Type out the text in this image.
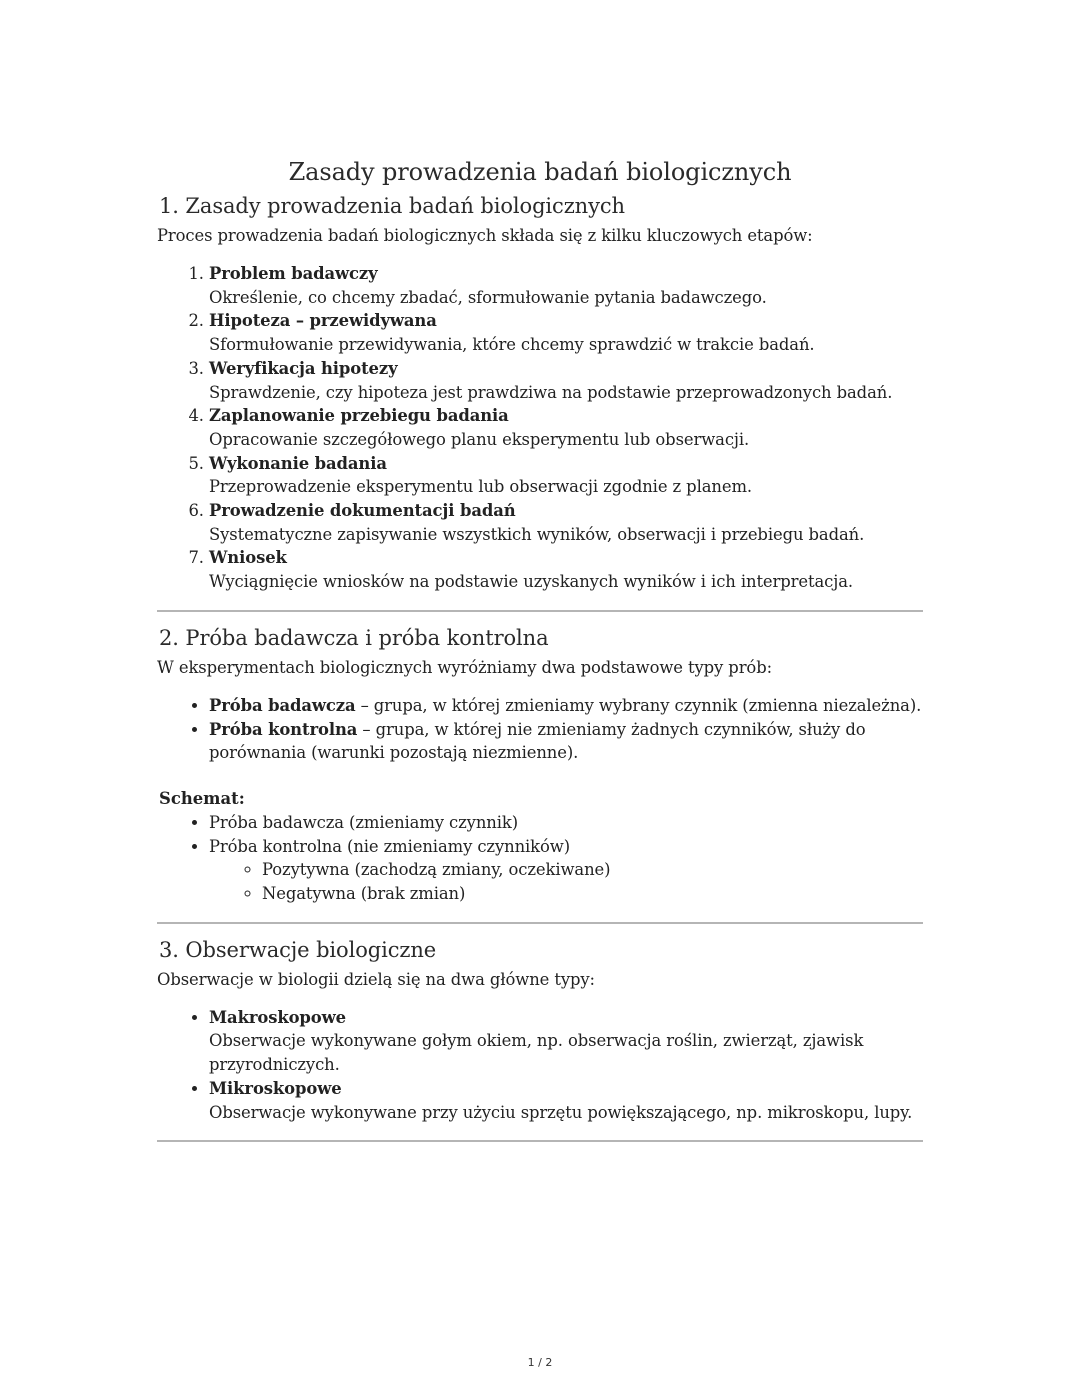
Zasady prowadzenia badań biologicznych
1. Zasady prowadzenia badań biologicznych

Proces prowadzenia badań biologicznych składa się z kilku kluczowych etapów:

1. Problem badawczy
Określenie, co chcemy zbadać, sformułowanie pytania badawczego.
2. Hipoteza – przewidywana
Sformułowanie przewidywania, które chcemy sprawdzić w trakcie badań.
3. Weryfikacja hipotezy
Sprawdzenie, czy hipoteza jest prawdziwa na podstawie przeprowadzonych badań.
4. Zaplanowanie przebiegu badania
Opracowanie szczegółowego planu eksperymentu lub obserwacji.
5. Wykonanie badania
Przeprowadzenie eksperymentu lub obserwacji zgodnie z planem.
6. Prowadzenie dokumentacji badań
Systematyczne zapisywanie wszystkich wyników, obserwacji i przebiegu badań.
7. Wniosek
Wyciągnięcie wniosków na podstawie uzyskanych wyników i ich interpretacja.
2. Próba badawcza i próba kontrolna

W eksperymentach biologicznych wyróżniamy dwa podstawowe typy prób:

• Próba badawcza – grupa, w której zmieniamy wybrany czynnik (zmienna niezależna).
• Próba kontrolna – grupa, w której nie zmieniamy żadnych czynników, służy do porównania (warunki pozostają niezmienne).
Schemat:
• Próba badawcza (zmieniamy czynnik)
• Próba kontrolna (nie zmieniamy czynników)
◦ Pozytywna (zachodzą zmiany, oczekiwane)
◦ Negatywna (brak zmian)
3. Obserwacje biologiczne

Obserwacje w biologii dzielą się na dwa główne typy:

• Makroskopowe
Obserwacje wykonywane gołym okiem, np. obserwacja roślin, zwierząt, zjawisk przyrodniczych.
• Mikroskopowe
Obserwacje wykonywane przy użyciu sprzętu powiększającego, np. mikroskopu, lupy.
1 / 2
